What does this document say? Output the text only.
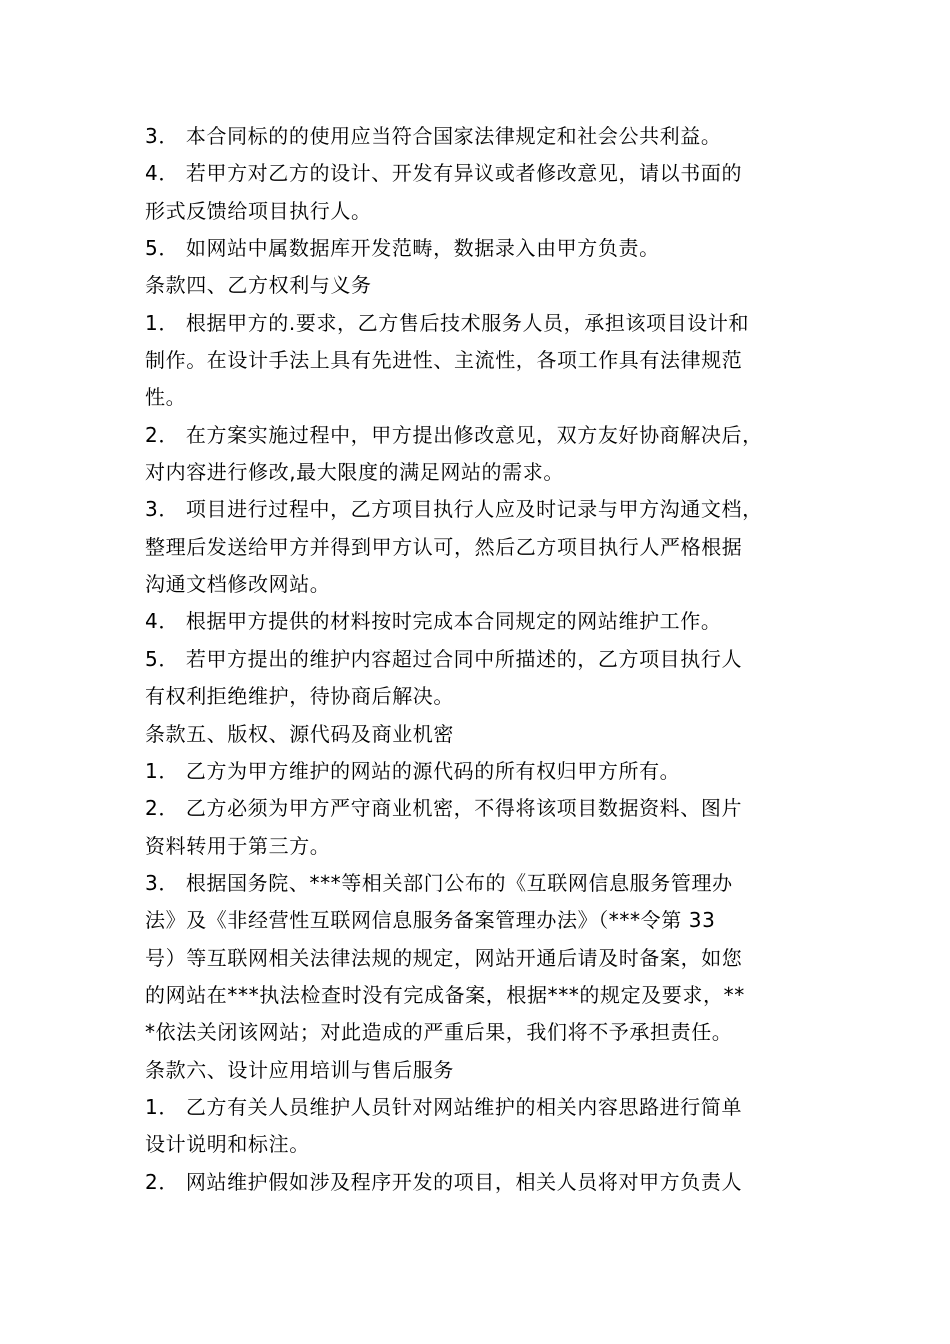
3． 本合同标的的使用应当符合国家法律规定和社会公共利益。
4． 若甲方对乙方的设计、开发有异议或者修改意见，请以书面的
形式反馈给项目执行人。
5． 如网站中属数据库开发范畴，数据录入由甲方负责。
条款四、乙方权利与义务
1． 根据甲方的.要求，乙方售后技术服务人员，承担该项目设计和
制作。在设计手法上具有先进性、主流性，各项工作具有法律规范
性。
2． 在方案实施过程中，甲方提出修改意见，双方友好协商解决后，
对内容进行修改,最大限度的满足网站的需求。
3． 项目进行过程中，乙方项目执行人应及时记录与甲方沟通文档，
整理后发送给甲方并得到甲方认可，然后乙方项目执行人严格根据
沟通文档修改网站。
4． 根据甲方提供的材料按时完成本合同规定的网站维护工作。
5． 若甲方提出的维护内容超过合同中所描述的，乙方项目执行人
有权利拒绝维护，待协商后解决。
条款五、版权、源代码及商业机密
1． 乙方为甲方维护的网站的源代码的所有权归甲方所有。
2． 乙方必须为甲方严守商业机密，不得将该项目数据资料、图片
资料转用于第三方。
3． 根据国务院、***等相关部门公布的《互联网信息服务管理办
法》及《非经营性互联网信息服务备案管理办法》（***令第 33
号）等互联网相关法律法规的规定，网站开通后请及时备案，如您
的网站在***执法检查时没有完成备案，根据***的规定及要求，**
*依法关闭该网站；对此造成的严重后果，我们将不予承担责任。
条款六、设计应用培训与售后服务
1． 乙方有关人员维护人员针对网站维护的相关内容思路进行简单
设计说明和标注。
2． 网站维护假如涉及程序开发的项目，相关人员将对甲方负责人
